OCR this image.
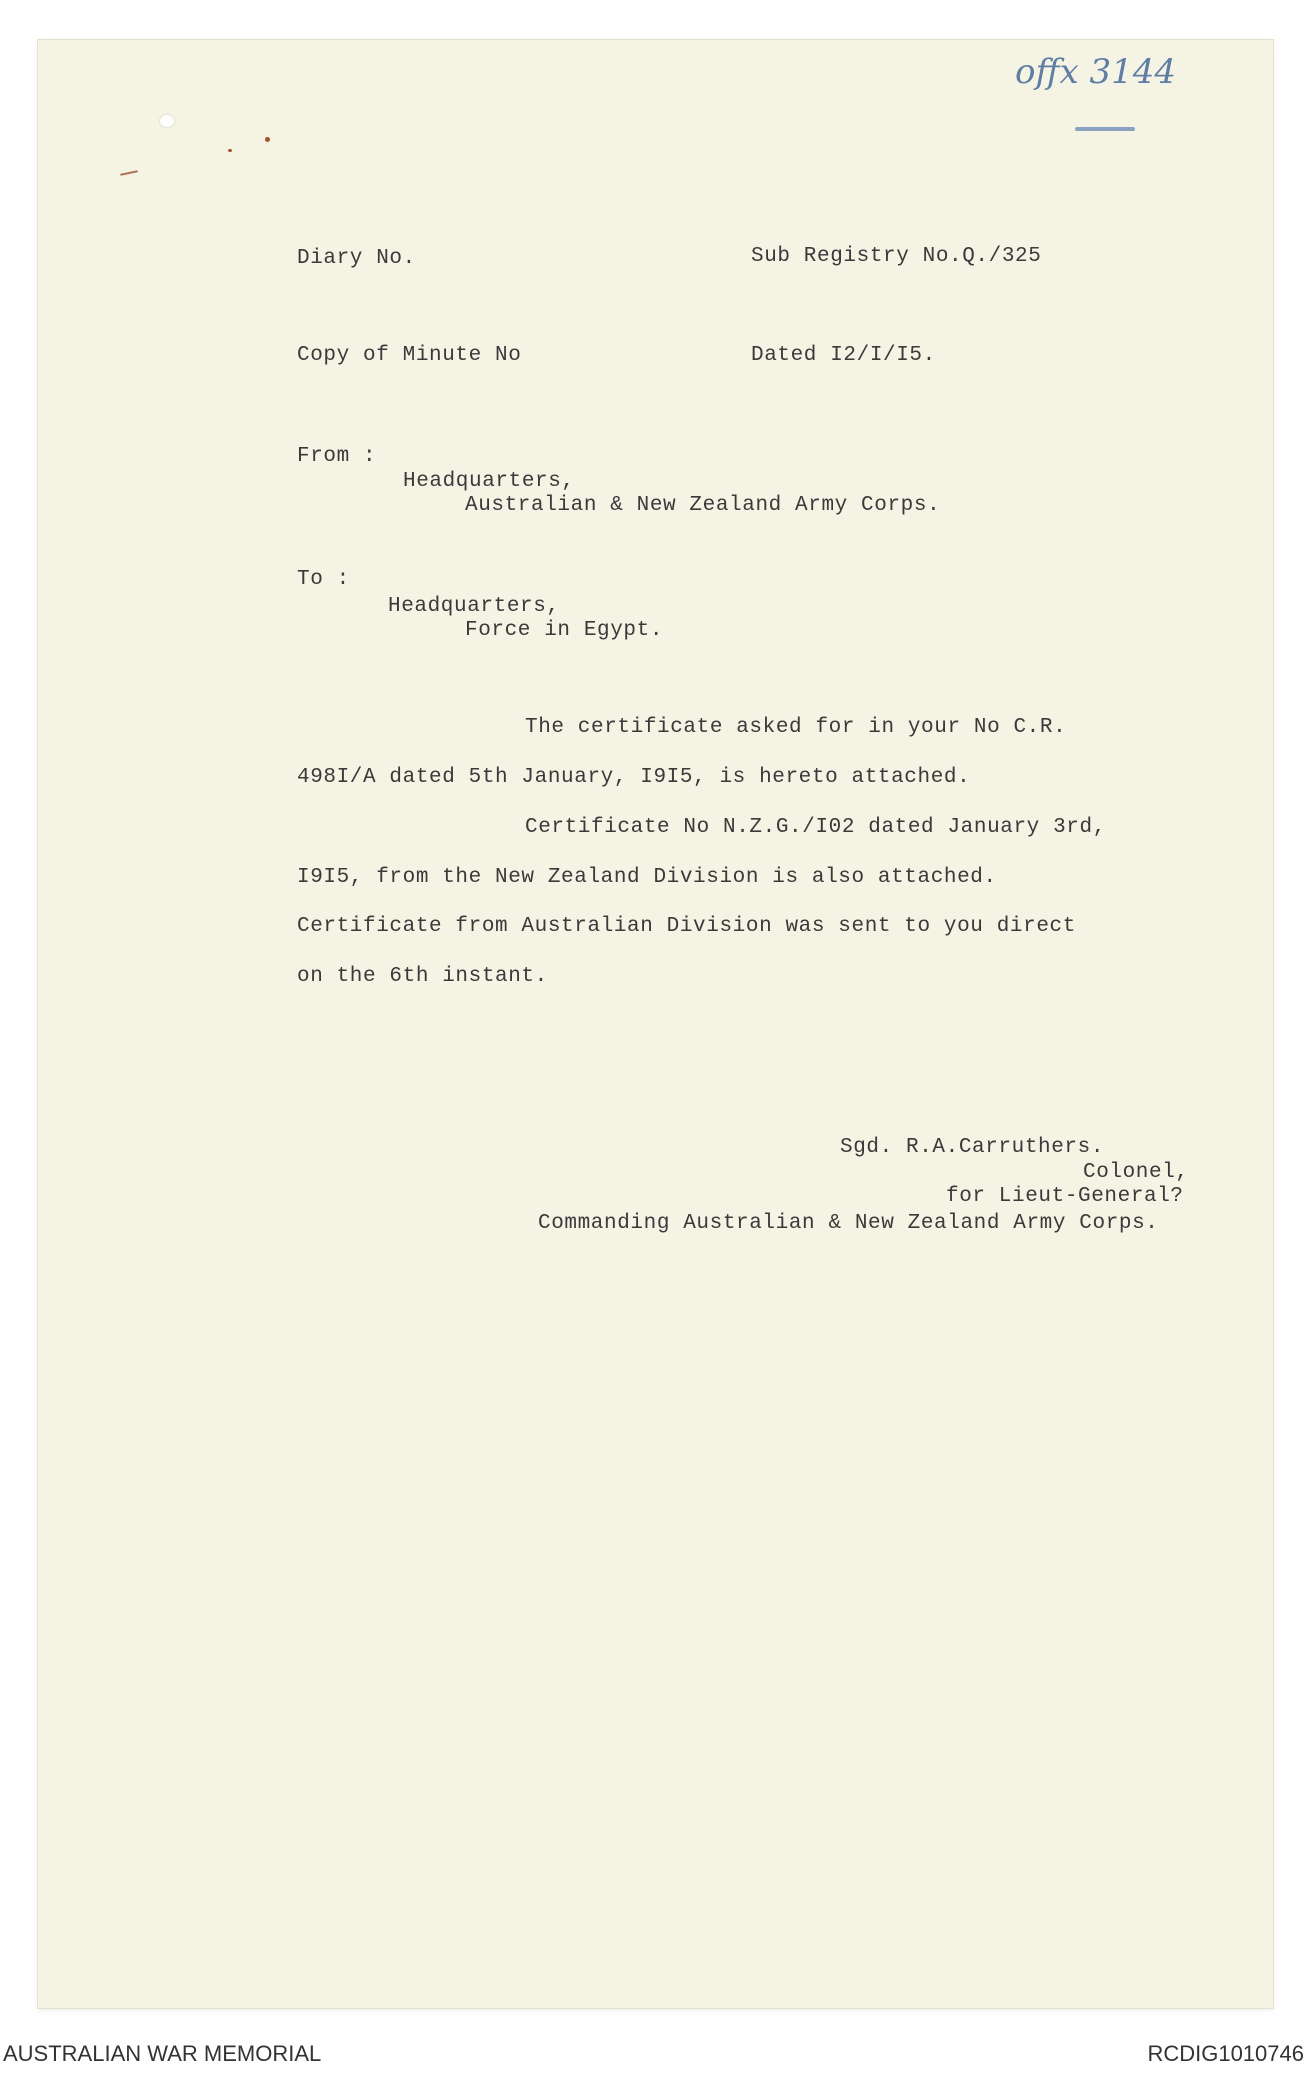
offx 3144
Diary No.	Sub Registry No.Q./325
Copy of Minute No	Dated I2/I/I5.
From :
Headquarters,
Australian & New Zealand Army Corps.
To :
Headquarters,
Force in Egypt.
The certificate asked for in your No C.R.
498I/A dated 5th January, I9I5, is hereto attached.
Certificate No N.Z.G./I02 dated January 3rd,
I9I5, from the New Zealand Division is also attached.
Certificate from Australian Division was sent to you direct
on the 6th instant.
Sgd. R.A.Carruthers.
Colonel,
for Lieut-General?
Commanding Australian & New Zealand Army Corps.
AUSTRALIAN WAR MEMORIAL	RCDIG1010746
